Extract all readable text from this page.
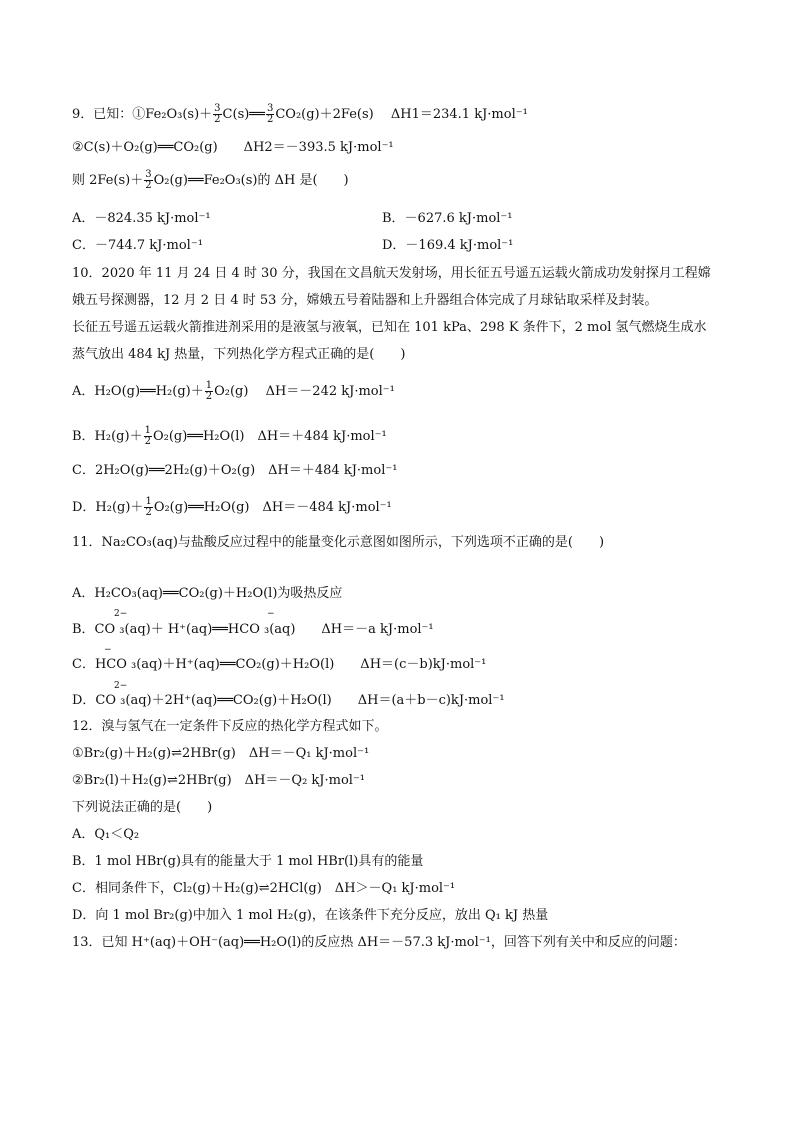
9．已知：①Fe₂O₃(s)＋ $\frac{3}{2}$ C(s)══ $\frac{3}{2} CO_2(g)+2Fe(s)$　 ΔH1＝234.1 kJ·mol⁻¹
②C(s)＋O₂(g)══CO₂(g)　　ΔH2＝－393.5 kJ·mol⁻¹
则 $2Fe(s)+ \frac{3}{2}$ O₂(g)══Fe₂O₃(s)的 ΔH 是(　　)
A．－824.35 kJ·mol⁻¹	B．－627.6 kJ·mol⁻¹
C．－744.7 kJ·mol⁻¹	D．－169.4 kJ·mol⁻¹
10．2020 年 11 月 24 日 4 时 30 分，我国在文昌航天发射场，用长征五号遥五运载火箭成功发射探月工程嫦
娥五号探测器，12 月 2 日 4 时 53 分，嫦娥五号着陆器和上升器组合体完成了月球钻取采样及封装。
长征五号遥五运载火箭推进剂采用的是液氢与液氧，已知在 101 kPa、298 K 条件下，2 mol 氢气燃烧生成水
蒸气放出 484 kJ 热量，下列热化学方程式正确的是(　　)
A．H₂O(g)══H₂(g)＋ $\frac{1}{2} O_2(g)$　 ΔH＝－242 kJ·mol⁻¹
B．$H_2(g)+ \frac{1}{2}$ O₂(g)══H₂O(l)　ΔH＝＋484 kJ·mol⁻¹
C．2H₂O(g)══2H₂(g)＋O₂(g)　ΔH＝＋484 kJ·mol⁻¹
D．$H_2(g)+ \frac{1}{2}$ O₂(g)══H₂O(g)　ΔH＝－484 kJ·mol⁻¹
11．Na₂CO₃(aq)与盐酸反应过程中的能量变化示意图如图所示，下列选项不正确的是(　　)
A．H₂CO₃(aq)══CO₂(g)＋H₂O(l)为吸热反应
2−	−
B．CO ₃(aq)＋ H⁺(aq)══HCO ₃(aq)　　ΔH＝－a kJ·mol⁻¹
−
C．HCO ₃(aq)＋H⁺(aq)══CO₂(g)＋H₂O(l)　　ΔH＝(c－b)kJ·mol⁻¹
2−
D．CO ₃(aq)＋2H⁺(aq)══CO₂(g)＋H₂O(l)　　ΔH＝(a＋b－c)kJ·mol⁻¹
12．溴与氢气在一定条件下反应的热化学方程式如下。
①Br₂(g)＋H₂(g)⇌2HBr(g)　ΔH＝－Q₁ kJ·mol⁻¹
②Br₂(l)＋H₂(g)⇌2HBr(g)　ΔH＝－Q₂ kJ·mol⁻¹
下列说法正确的是(　　)
A．Q₁＜Q₂
B．1 mol HBr(g)具有的能量大于 1 mol HBr(l)具有的能量
C．相同条件下，Cl₂(g)＋H₂(g)⇌2HCl(g)　ΔH＞－Q₁ kJ·mol⁻¹
D．向 1 mol Br₂(g)中加入 1 mol H₂(g)，在该条件下充分反应，放出 Q₁ kJ 热量
13．已知 H⁺(aq)＋OH⁻(aq)══H₂O(l)的反应热 ΔH＝－57.3 kJ·mol⁻¹，回答下列有关中和反应的问题：
